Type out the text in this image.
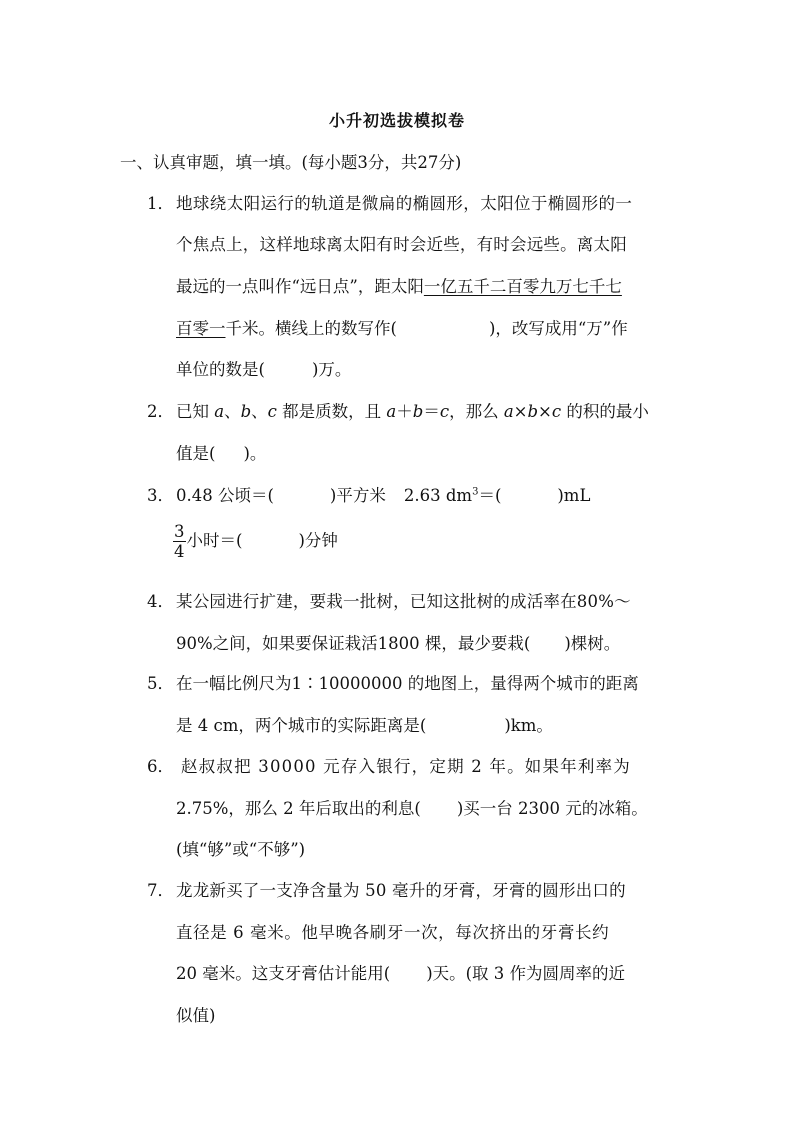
小升初选拔模拟卷
一、认真审题，填一填。(每小题3分，共27分)
1． 地球绕太阳运行的轨道是微扁的椭圆形，太阳位于椭圆形的一
个焦点上，这样地球离太阳有时会近些，有时会远些。离太阳
最远的一点叫作“远日点”，距太阳一亿五千二百零九万七千七
百零一千米。横线上的数写作(	)，改写成用“万”作
单位的数是(	)万。
2． 已知 a、b、c 都是质数，且 a＋b＝c，那么 a×b×c 的积的最小
值是( )。
3． 0.48 公顷＝(	)平方米 2.63 $dm^3=$(	)mL
$\frac{3}{4}$ 小时＝(	)分钟
4． 某公园进行扩建，要栽一批树，已知这批树的成活率在80%～
90%之间，如果要保证栽活1800 棵，最少要栽( )棵树。
5． 在一幅比例尺为1∶10000000 的地图上，量得两个城市的距离
是 4 cm，两个城市的实际距离是(	)km。
6． 赵叔叔把 30000 元存入银行，定期 2 年。如果年利率为
2.75%，那么 2 年后取出的利息( )买一台 2300 元的冰箱。
(填“够”或“不够”)
7． 龙龙新买了一支净含量为 50 毫升的牙膏，牙膏的圆形出口的
直径是 6 毫米。他早晚各刷牙一次，每次挤出的牙膏长约
20 毫米。这支牙膏估计能用( )天。(取 3 作为圆周率的近
似值)
